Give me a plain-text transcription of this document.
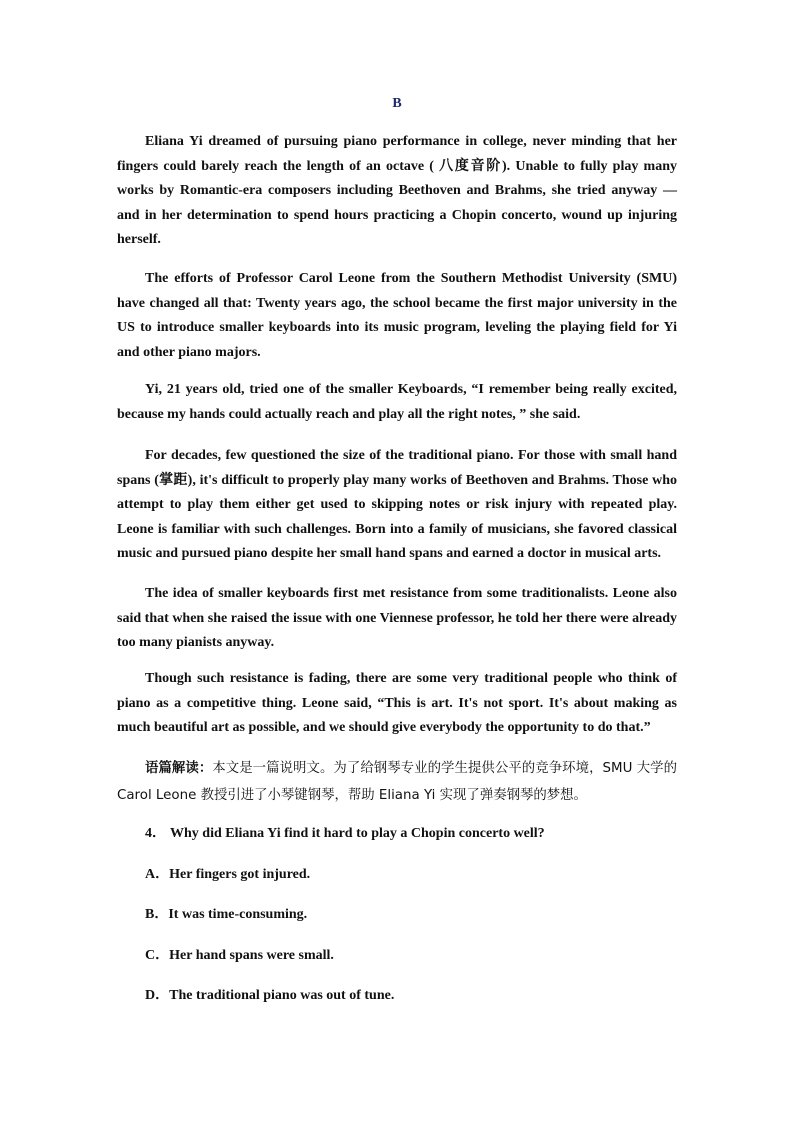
B

Eliana Yi dreamed of pursuing piano performance in college, never minding that her fingers could barely reach the length of an octave ( 八度音阶). Unable to fully play many works by Romantic-era composers including Beethoven and Brahms, she tried anyway — and in her determination to spend hours practicing a Chopin concerto, wound up injuring herself.

The efforts of Professor Carol Leone from the Southern Methodist University (SMU) have changed all that: Twenty years ago, the school became the first major university in the US to introduce smaller keyboards into its music program, leveling the playing field for Yi and other piano majors.

Yi, 21 years old, tried one of the smaller Keyboards, “I remember being really excited, because my hands could actually reach and play all the right notes, ” she said.

For decades, few questioned the size of the traditional piano. For those with small hand spans (掌距), it's difficult to properly play many works of Beethoven and Brahms. Those who attempt to play them either get used to skipping notes or risk injury with repeated play. Leone is familiar with such challenges. Born into a family of musicians, she favored classical music and pursued piano despite her small hand spans and earned a doctor in musical arts.

The idea of smaller keyboards first met resistance from some traditionalists. Leone also said that when she raised the issue with one Viennese professor, he told her there were already too many pianists anyway.

Though such resistance is fading, there are some very traditional people who think of piano as a competitive thing. Leone said, “This is art. It's not sport. It's about making as much beautiful art as possible, and we should give everybody the opportunity to do that.”

语篇解读：本文是一篇说明文。为了给钢琴专业的学生提供公平的竞争环境，SMU 大学的 Carol Leone 教授引进了小琴键钢琴，帮助 Eliana Yi 实现了弹奏钢琴的梦想。

4． Why did Eliana Yi find it hard to play a Chopin concerto well?

A．Her fingers got injured.

B．It was time-consuming.

C．Her hand spans were small.

D．The traditional piano was out of tune.
